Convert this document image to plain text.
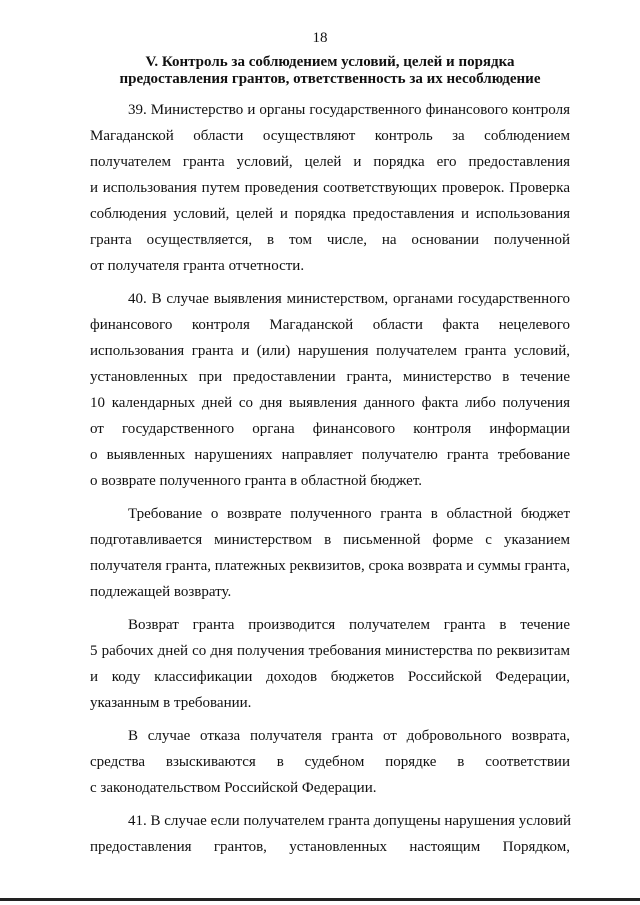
18
V. Контроль за соблюдением условий, целей и порядка
предоставления грантов, ответственность за их несоблюдение
39. Министерство и органы государственного финансового контроля
Магаданской области осуществляют контроль за соблюдением
получателем гранта условий, целей и порядка его предоставления
и использования путем проведения соответствующих проверок. Проверка
соблюдения условий, целей и порядка предоставления и использования
гранта осуществляется, в том числе, на основании полученной
от получателя гранта отчетности.
40. В случае выявления министерством, органами государственного
финансового контроля Магаданской области факта нецелевого
использования гранта и (или) нарушения получателем гранта условий,
установленных при предоставлении гранта, министерство в течение
10 календарных дней со дня выявления данного факта либо получения
от государственного органа финансового контроля информации
о выявленных нарушениях направляет получателю гранта требование
о возврате полученного гранта в областной бюджет.
Требование о возврате полученного гранта в областной бюджет
подготавливается министерством в письменной форме с указанием
получателя гранта, платежных реквизитов, срока возврата и суммы гранта,
подлежащей возврату.
Возврат гранта производится получателем гранта в течение
5 рабочих дней со дня получения требования министерства по реквизитам
и коду классификации доходов бюджетов Российской Федерации,
указанным в требовании.
В случае отказа получателя гранта от добровольного возврата,
средства взыскиваются в судебном порядке в соответствии
с законодательством Российской Федерации.
41. В случае если получателем гранта допущены нарушения условий
предоставления грантов, установленных настоящим Порядком,
